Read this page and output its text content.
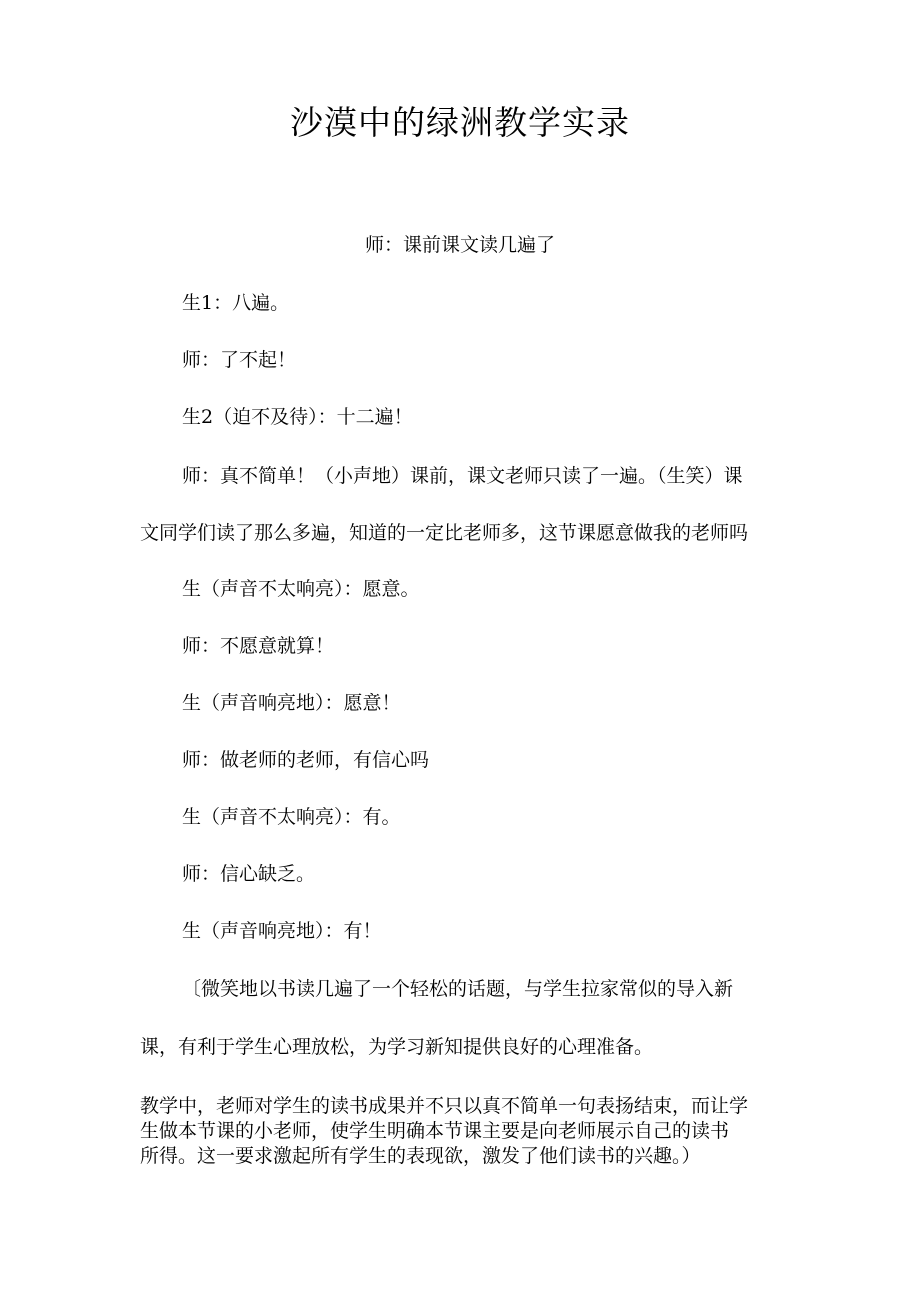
沙漠中的绿洲教学实录
师：课前课文读几遍了
生1：八遍。
师：了不起！
生2（迫不及待）：十二遍！
师：真不简单！（小声地）课前，课文老师只读了一遍。（生笑）课
文同学们读了那么多遍，知道的一定比老师多，这节课愿意做我的老师吗
生（声音不太响亮）：愿意。
师：不愿意就算！
生（声音响亮地）：愿意！
师：做老师的老师，有信心吗
生（声音不太响亮）：有。
师：信心缺乏。
生（声音响亮地）：有！
〔微笑地以书读几遍了一个轻松的话题，与学生拉家常似的导入新
课，有利于学生心理放松，为学习新知提供良好的心理准备。
教学中，老师对学生的读书成果并不只以真不简单一句表扬结束，而让学
生做本节课的小老师，使学生明确本节课主要是向老师展示自己的读书
所得。这一要求激起所有学生的表现欲，激发了他们读书的兴趣。）
